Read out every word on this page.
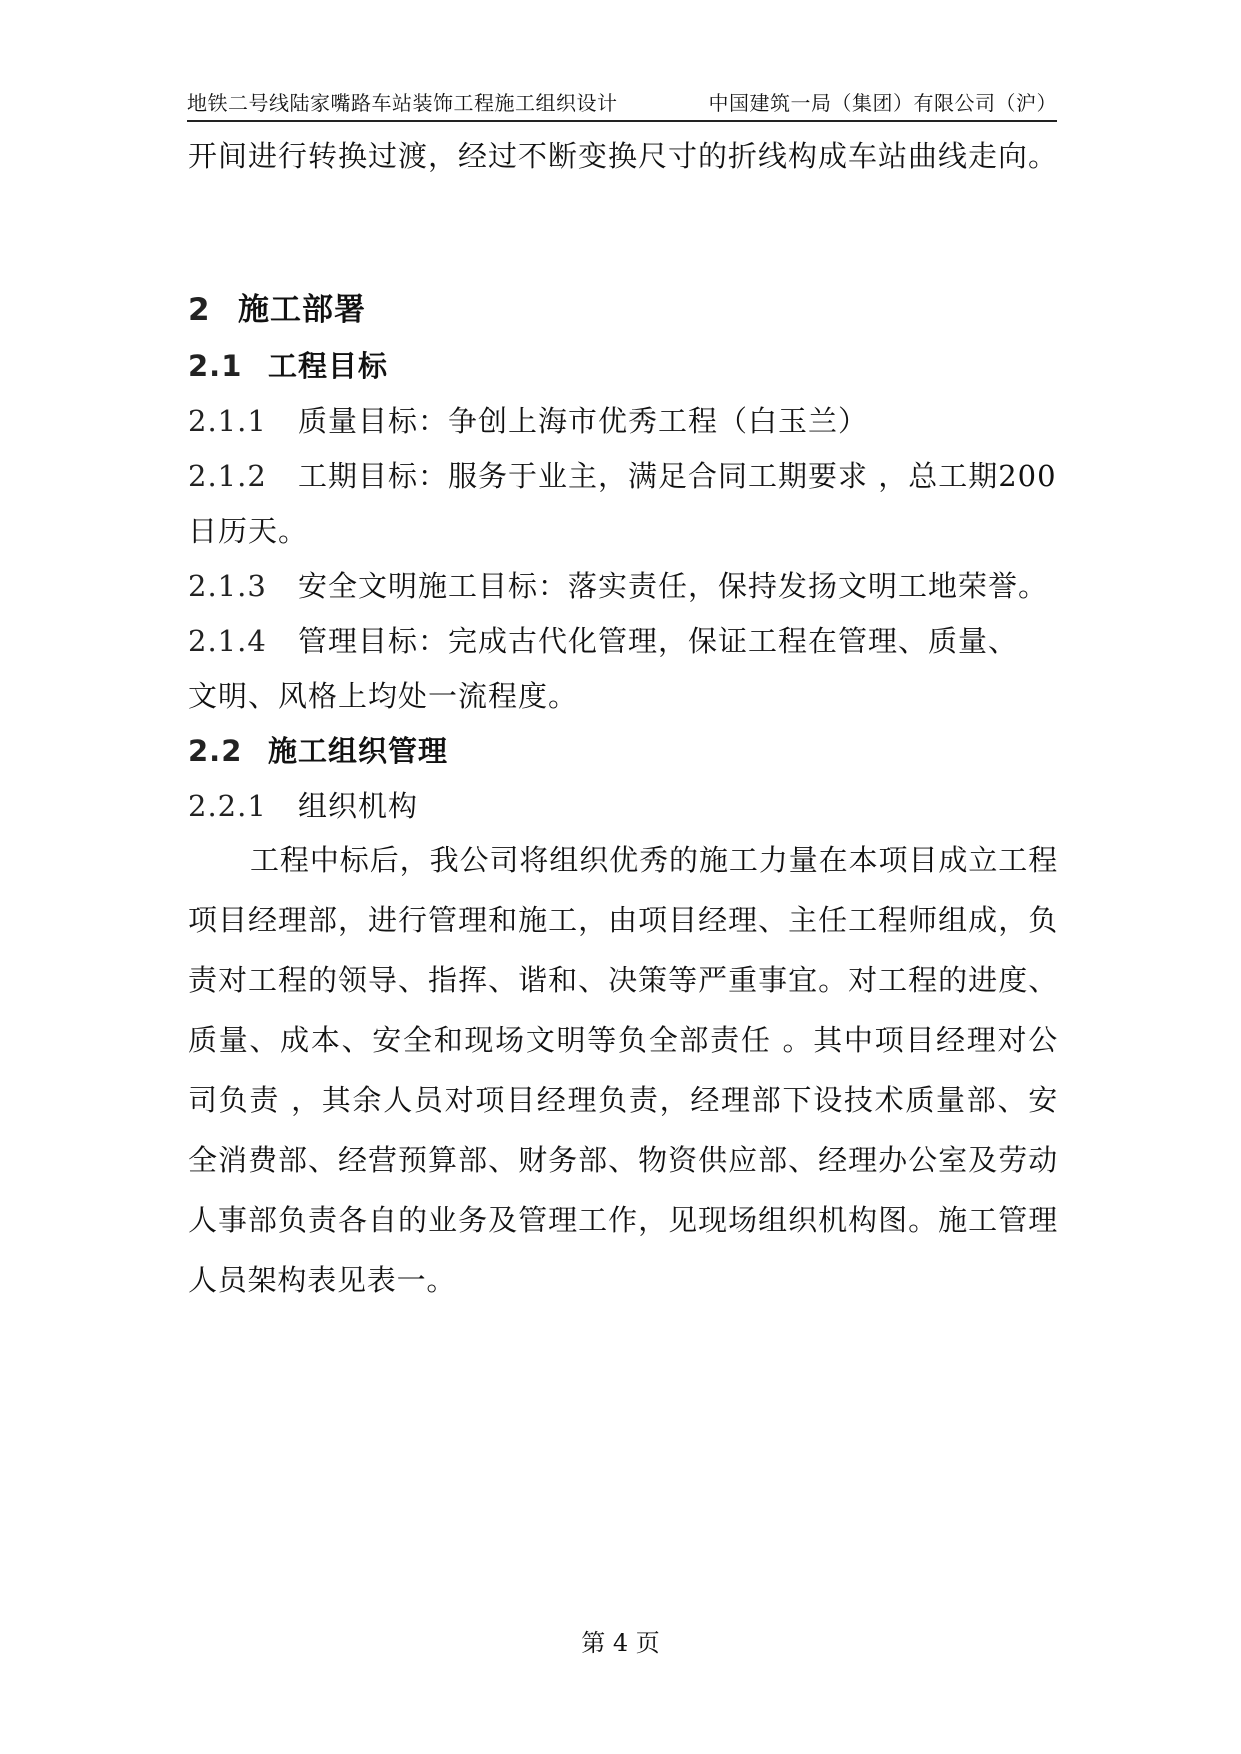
地铁二号线陆家嘴路车站装饰工程施工组织设计	中国建筑一局（集团）有限公司（沪）
开间进行转换过渡，经过不断变换尺寸的折线构成车站曲线走向。
2 施工部署
2.1 工程目标
2.1.1 质量目标：争创上海市优秀工程（白玉兰）
2.1.2 工期目标：服务于业主，满足合同工期要求 ，总工期200
日历天。
2.1.3 安全文明施工目标：落实责任，保持发扬文明工地荣誉。
2.1.4 管理目标：完成古代化管理，保证工程在管理、质量、
文明、风格上均处一流程度。
2.2 施工组织管理
2.2.1 组织机构
工程中标后，我公司将组织优秀的施工力量在本项目成立工程项目经理部，进行管理和施工，由项目经理、主任工程师组成，负责对工程的领导、指挥、谐和、决策等严重事宜。对工程的进度、质量、成本、安全和现场文明等负全部责任 。其中项目经理对公司负责 ，其余人员对项目经理负责，经理部下设技术质量部、安全消费部、经营预算部、财务部、物资供应部、经理办公室及劳动人事部负责各自的业务及管理工作，见现场组织机构图。施工管理人员架构表见表一。
第 4 页
